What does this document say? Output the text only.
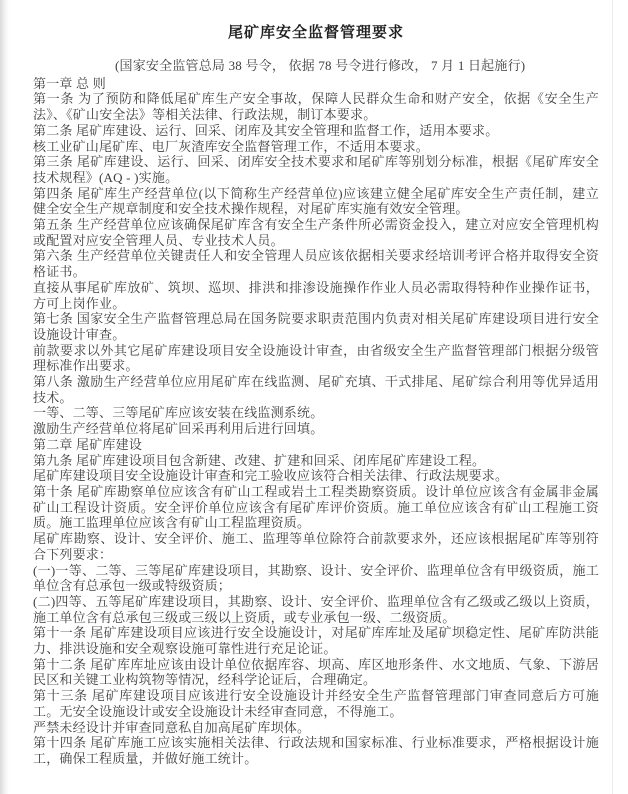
尾矿库安全监督管理要求

(国家安全监管总局 38 号令， 依据 78 号令进行修改， 7 月 1 日起施行)

第一章 总 则

第一条 为了预防和降低尾矿库生产安全事故，保障人民群众生命和财产安全，依据《安全生产法》、《矿山安全法》等相关法律、行政法规，制订本要求。

第二条 尾矿库建设、运行、回采、闭库及其安全管理和监督工作，适用本要求。

核工业矿山尾矿库、电厂灰渣库安全监督管理工作，不适用本要求。

第三条 尾矿库建设、运行、回采、闭库安全技术要求和尾矿库等别划分标准，根据《尾矿库安全技术规程》(AQ - )实施。

第四条 尾矿库生产经营单位(以下简称生产经营单位)应该建立健全尾矿库安全生产责任制，建立健全安全生产规章制度和安全技术操作规程，对尾矿库实施有效安全管理。

第五条 生产经营单位应该确保尾矿库含有安全生产条件所必需资金投入，建立对应安全管理机构或配置对应安全管理人员、专业技术人员。

第六条 生产经营单位关键责任人和安全管理人员应该依据相关要求经培训考评合格并取得安全资格证书。

直接从事尾矿库放矿、筑坝、巡坝、排洪和排渗设施操作作业人员必需取得特种作业操作证书，方可上岗作业。

第七条 国家安全生产监督管理总局在国务院要求职责范围内负责对相关尾矿库建设项目进行安全设施设计审查。

前款要求以外其它尾矿库建设项目安全设施设计审查，由省级安全生产监督管理部门根据分级管理标准作出要求。

第八条 激励生产经营单位应用尾矿库在线监测、尾矿充填、干式排尾、尾矿综合利用等优异适用技术。

一等、二等、三等尾矿库应该安装在线监测系统。

激励生产经营单位将尾矿回采再利用后进行回填。

第二章 尾矿库建设

第九条 尾矿库建设项目包含新建、改建、扩建和回采、闭库尾矿库建设工程。

尾矿库建设项目安全设施设计审查和完工验收应该符合相关法律、行政法规要求。

第十条 尾矿库勘察单位应该含有矿山工程或岩土工程类勘察资质。设计单位应该含有金属非金属矿山工程设计资质。安全评价单位应该含有尾矿库评价资质。施工单位应该含有矿山工程施工资质。施工监理单位应该含有矿山工程监理资质。

尾矿库勘察、设计、安全评价、施工、监理等单位除符合前款要求外，还应该根据尾矿库等别符合下列要求：

(一)一等、二等、三等尾矿库建设项目，其勘察、设计、安全评价、监理单位含有甲级资质，施工单位含有总承包一级或特级资质；

(二)四等、五等尾矿库建设项目，其勘察、设计、安全评价、监理单位含有乙级或乙级以上资质，施工单位含有总承包三级或三级以上资质，或专业承包一级、二级资质。

第十一条 尾矿库建设项目应该进行安全设施设计，对尾矿库库址及尾矿坝稳定性、尾矿库防洪能力、排洪设施和安全观察设施可靠性进行充足论证。

第十二条 尾矿库库址应该由设计单位依据库容、坝高、库区地形条件、水文地质、气象、下游居民区和关键工业构筑物等情况，经科学论证后，合理确定。

第十三条 尾矿库建设项目应该进行安全设施设计并经安全生产监督管理部门审查同意后方可施工。无安全设施设计或安全设施设计未经审查同意，不得施工。

严禁未经设计并审查同意私自加高尾矿库坝体。

第十四条 尾矿库施工应该实施相关法律、行政法规和国家标准、行业标准要求，严格根据设计施工，确保工程质量，并做好施工统计。
